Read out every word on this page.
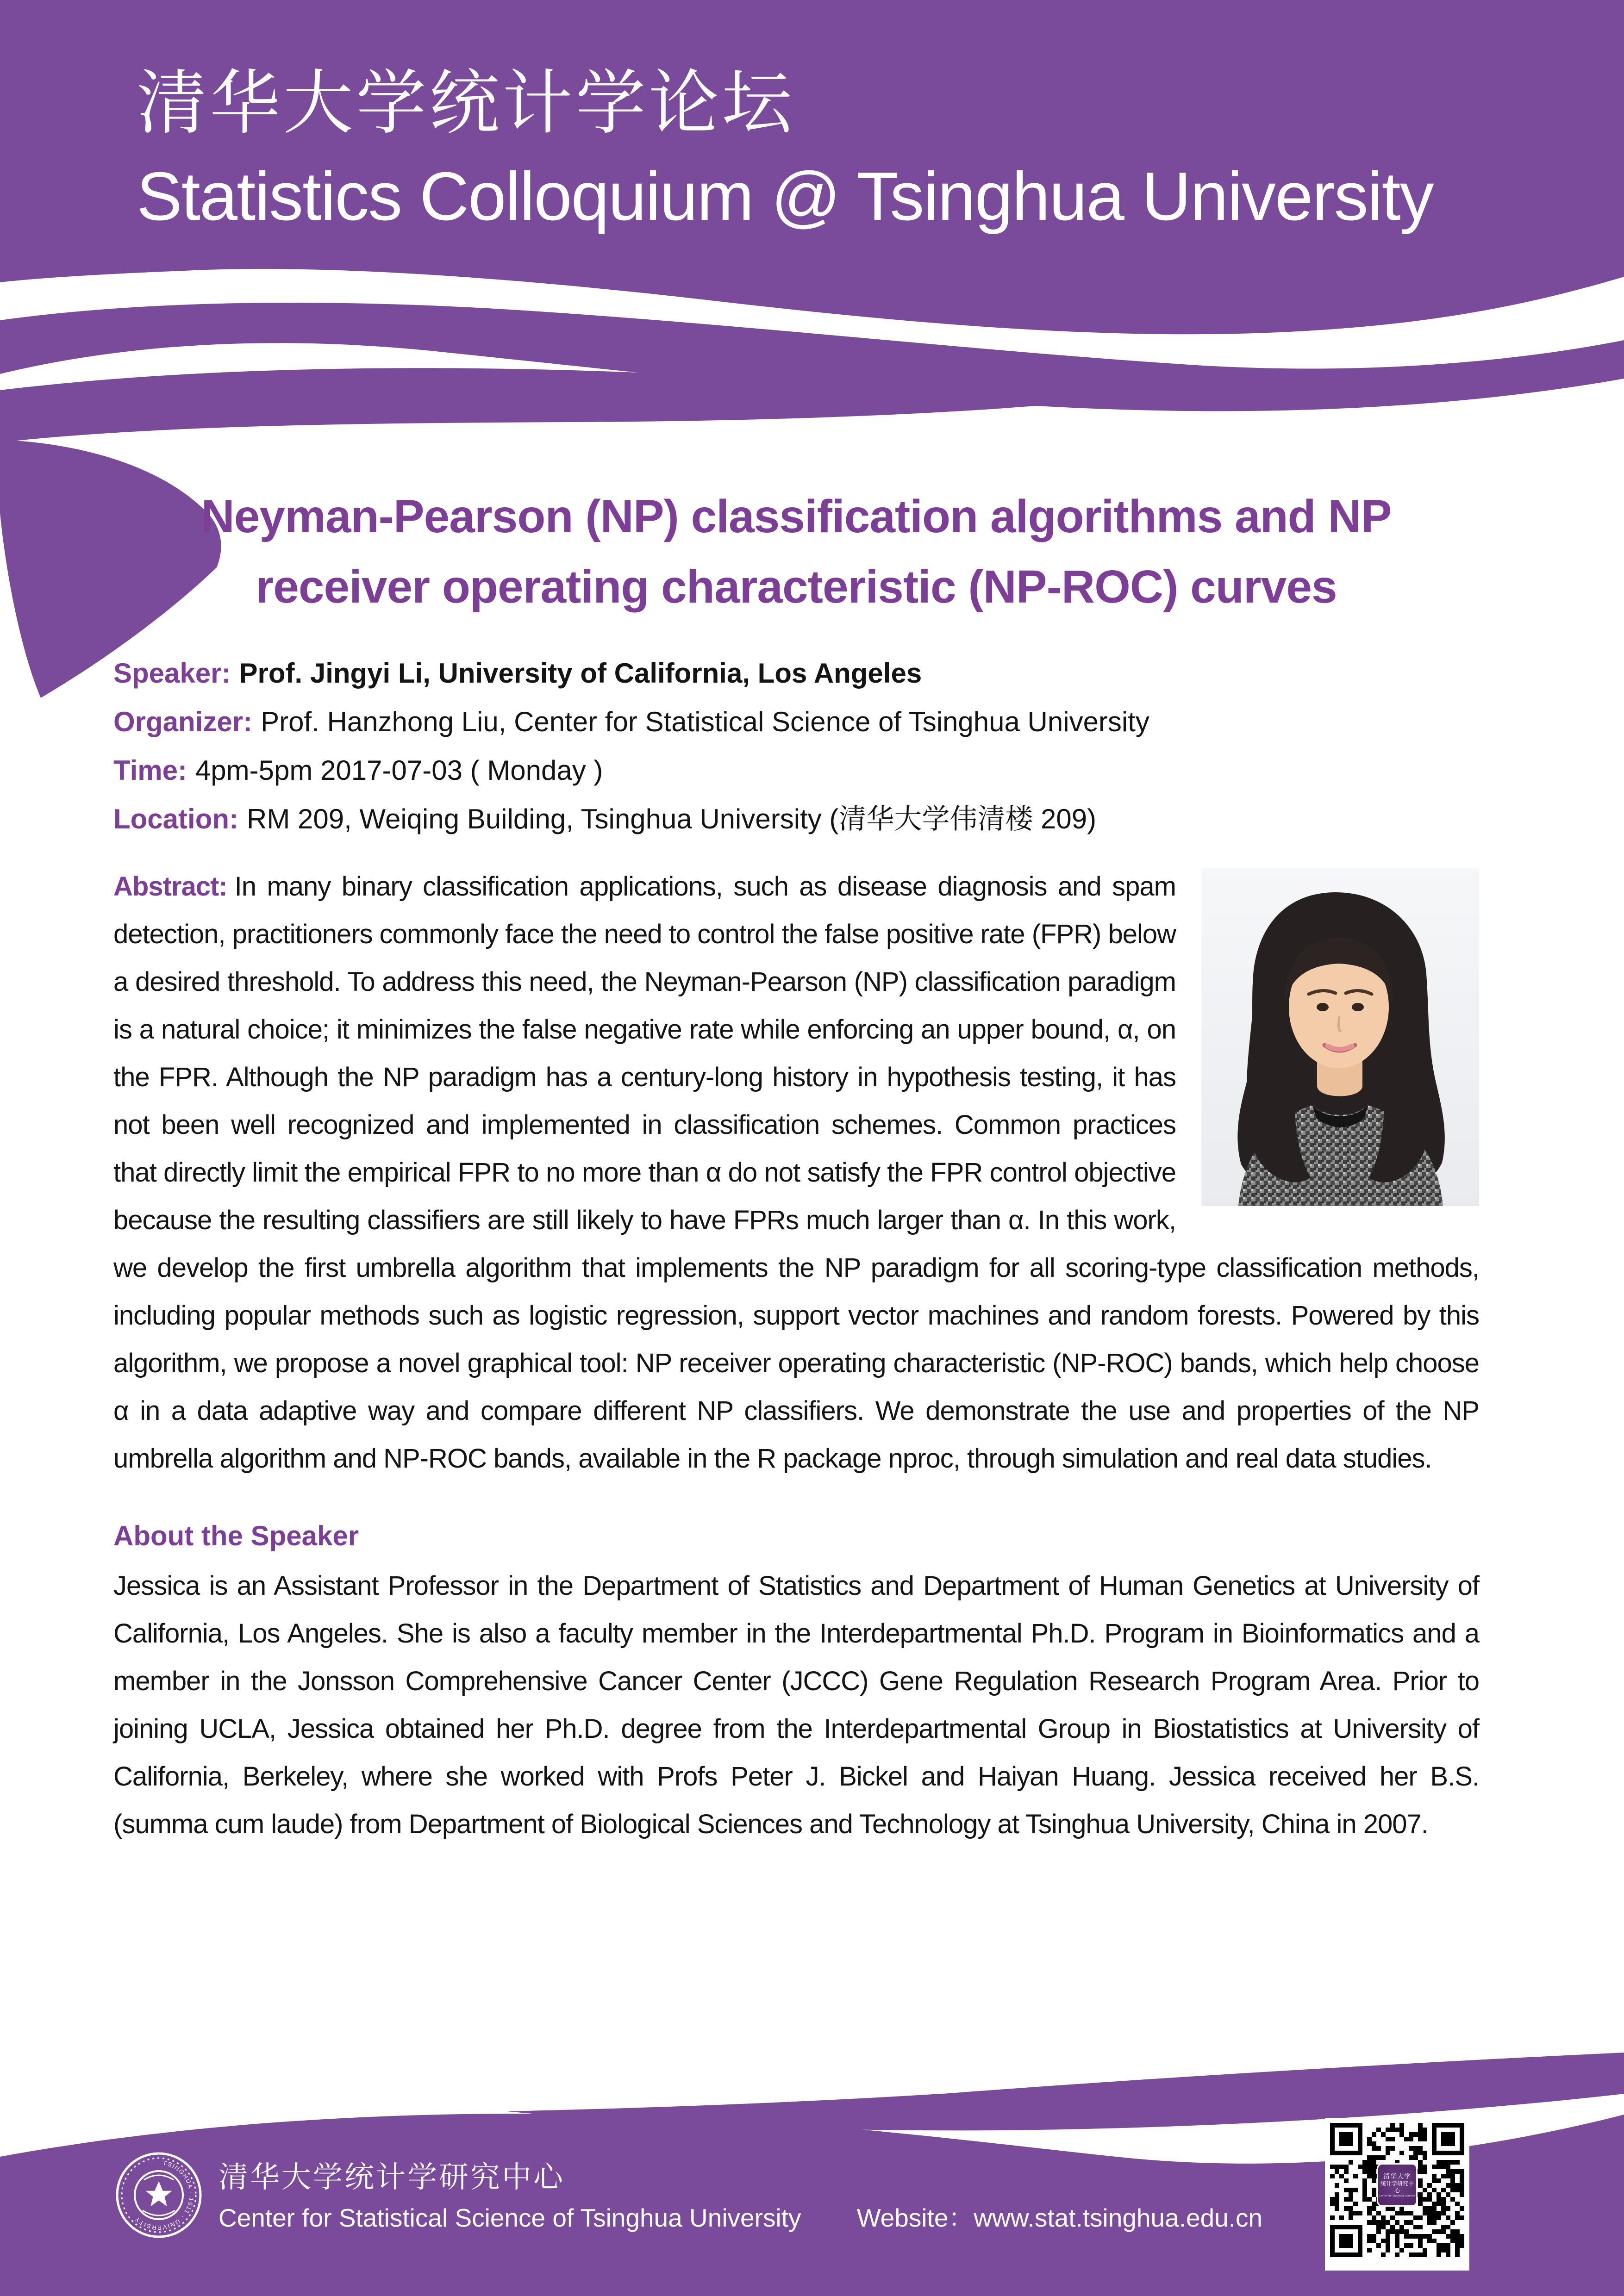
清华大学统计学论坛
Statistics Colloquium @ Tsinghua University
Neyman-Pearson (NP) classification algorithms and NP
receiver operating characteristic (NP-ROC) curves
Speaker: Prof. Jingyi Li, University of California, Los Angeles
Organizer: Prof. Hanzhong Liu, Center for Statistical Science of Tsinghua University
Time: 4pm-5pm 2017-07-03 ( Monday )
Location: RM 209, Weiqing Building, Tsinghua University (清华大学伟清楼 209)

Abstract: In many binary classification applications, such as disease diagnosis and spam detection, practitioners commonly face the need to control the false positive rate (FPR) below a desired threshold. To address this need, the Neyman-Pearson (NP) classification paradigm is a natural choice; it minimizes the false negative rate while enforcing an upper bound, α, on the FPR. Although the NP paradigm has a century-long history in hypothesis testing, it has not been well recognized and implemented in classification schemes. Common practices that directly limit the empirical FPR to no more than α do not satisfy the FPR control objective because the resulting classifiers are still likely to have FPRs much larger than α. In this work, we develop the first umbrella algorithm that implements the NP paradigm for all scoring-type classification methods, including popular methods such as logistic regression, support vector machines and random forests. Powered by this algorithm, we propose a novel graphical tool: NP receiver operating characteristic (NP-ROC) bands, which help choose α in a data adaptive way and compare different NP classifiers. We demonstrate the use and properties of the NP umbrella algorithm and NP-ROC bands, available in the R package nproc, through simulation and real data studies.

About the Speaker

Jessica is an Assistant Professor in the Department of Statistics and Department of Human Genetics at University of California, Los Angeles. She is also a faculty member in the Interdepartmental Ph.D. Program in Bioinformatics and a member in the Jonsson Comprehensive Cancer Center (JCCC) Gene Regulation Research Program Area. Prior to joining UCLA, Jessica obtained her Ph.D. degree from the Interdepartmental Group in Biostatistics at University of California, Berkeley, where she worked with Profs Peter J. Bickel and Haiyan Huang. Jessica received her B.S. (summa cum laude) from Department of Biological Sciences and Technology at Tsinghua University, China in 2007.

TSINGHUA · 1911 · UNIVERSITY
清华大学统计学研究中心
Center for Statistical Science of Tsinghua University Website：www.stat.tsinghua.edu.cn
清华大学
统计学研究中心
Center for Statistical Science
